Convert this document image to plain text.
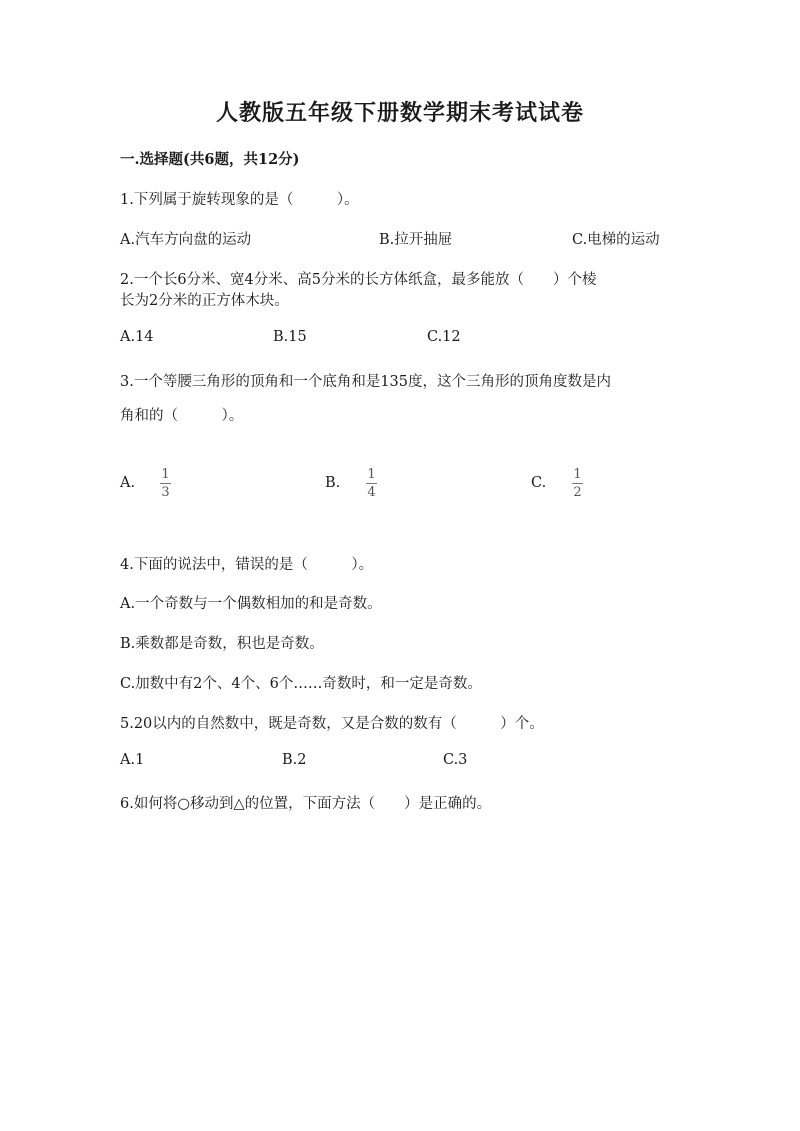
人教版五年级下册数学期末考试试卷
一.选择题(共6题，共12分)
1.下列属于旋转现象的是（　　　）。
A.汽车方向盘的运动	B.拉开抽屉	C.电梯的运动
2.一个长6分米、宽4分米、高5分米的长方体纸盒，最多能放（　　）个棱
长为2分米的正方体木块。
A.14	B.15	C.12
3.一个等腰三角形的顶角和一个底角和是135度，这个三角形的顶角度数是内
角和的（　　　）。
A.
1
3
B.
1
4
C.
1
2
4.下面的说法中，错误的是（　　　）。
A.一个奇数与一个偶数相加的和是奇数。
B.乘数都是奇数，积也是奇数。
C.加数中有2个、4个、6个……奇数时，和一定是奇数。
5.20以内的自然数中，既是奇数，又是合数的数有（　　　）个。
A.1	B.2	C.3
6.如何将○移动到△的位置，下面方法（　　）是正确的。
